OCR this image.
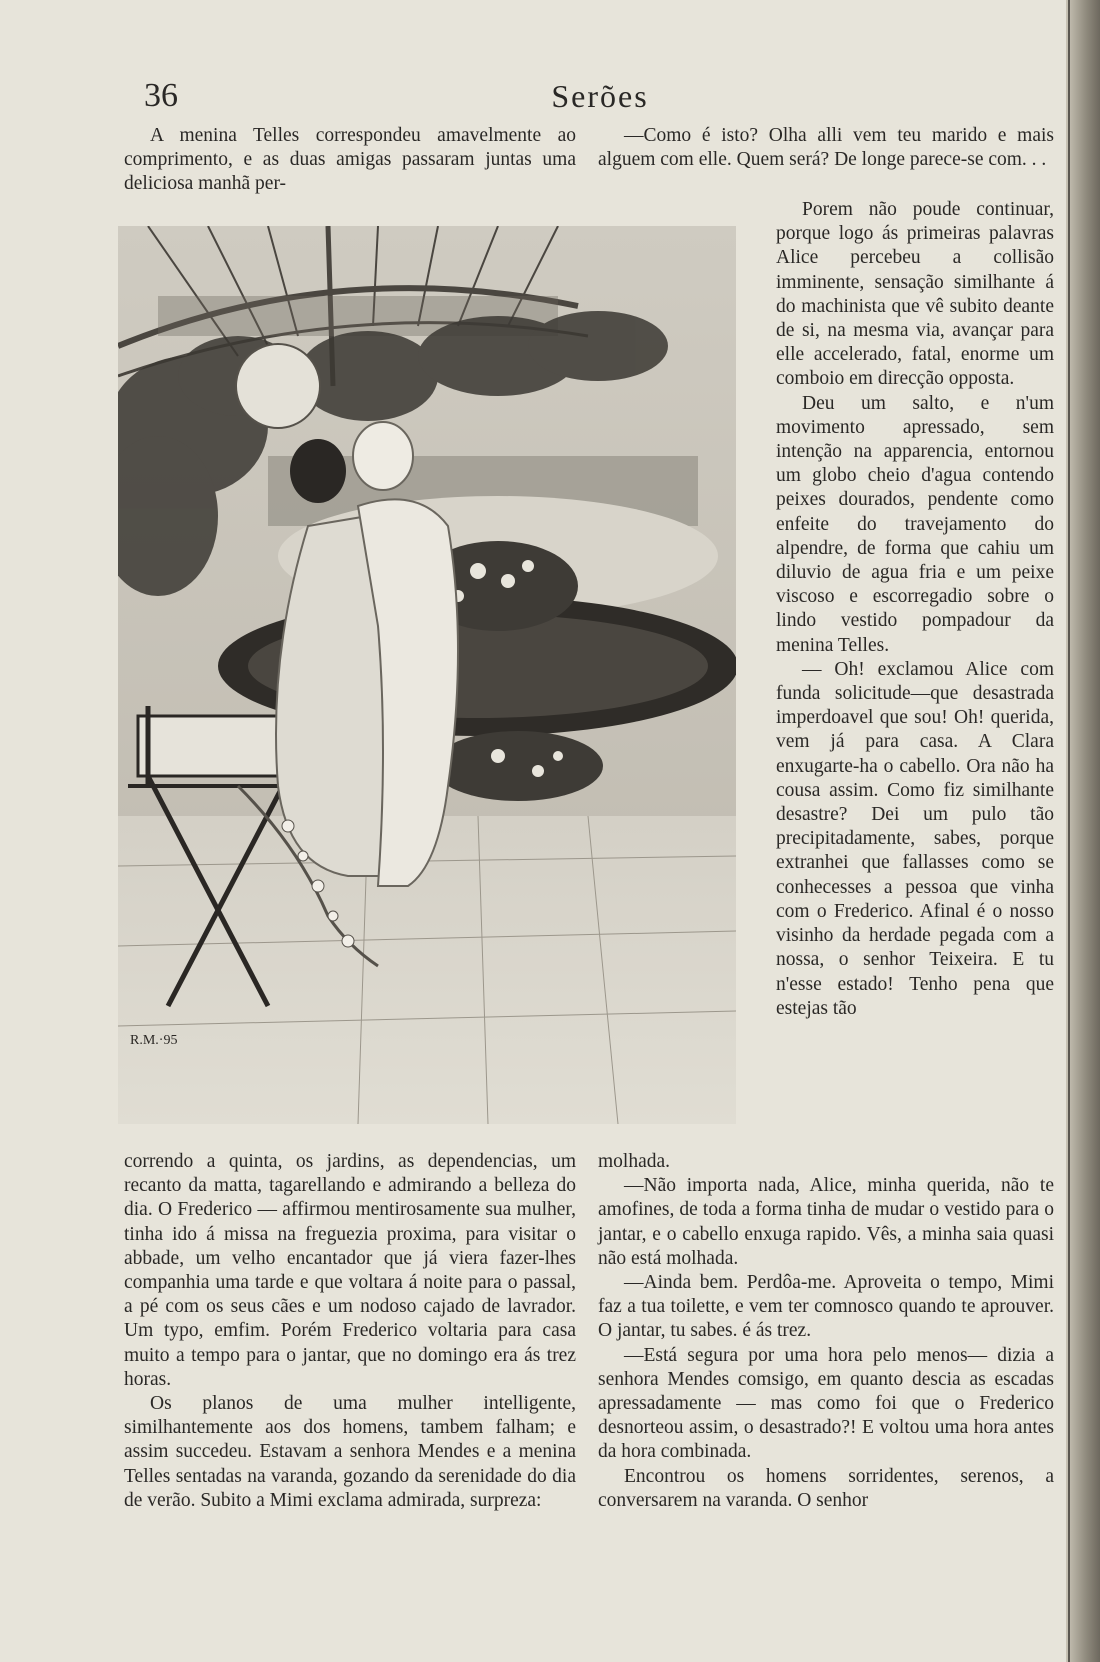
36	Serões

A menina Telles correspondeu amavelmente ao comprimento, e as duas amigas passaram juntas uma deliciosa manhã per-

R.M.·95

correndo a quinta, os jardins, as dependencias, um recanto da matta, tagarellando e admirando a belleza do dia. O Frederico — affirmou mentirosamente sua mulher, tinha ido á missa na freguezia proxima, para visitar o abbade, um velho encantador que já viera fazer-lhes companhia uma tarde e que voltara á noite para o passal, a pé com os seus cães e um nodoso cajado de lavrador. Um typo, emfim. Porém Frederico voltaria para casa muito a tempo para o jantar, que no domingo era ás trez horas.

Os planos de uma mulher intelligente, similhantemente aos dos homens, tambem falham; e assim succedeu. Estavam a senhora Mendes e a menina Telles sentadas na varanda, gozando da serenidade do dia de verão. Subito a Mimi exclama admirada, surpreza:

—Como é isto? Olha alli vem teu marido e mais alguem com elle. Quem será? De longe parece-se com. . .

Porem não poude continuar, porque logo ás primeiras palavras Alice percebeu a collisão imminente, sensação similhante á do machinista que vê subito deante de si, na mesma via, avançar para elle accelerado, fatal, enorme um comboio em direcção opposta.

Deu um salto, e n'um movimento apressado, sem intenção na apparencia, entornou um globo cheio d'agua contendo peixes dourados, pendente como enfeite do travejamento do alpendre, de forma que cahiu um diluvio de agua fria e um peixe viscoso e escorregadio sobre o lindo vestido pompadour da menina Telles.

— Oh! exclamou Alice com funda solicitude—que desastrada imperdoavel que sou! Oh! querida, vem já para casa. A Clara enxugarte-ha o cabello. Ora não ha cousa assim. Como fiz similhante desastre? Dei um pulo tão precipitadamente, sabes, porque extranhei que fallasses como se conhecesses a pessoa que vinha com o Frederico. Afinal é o nosso visinho da herdade pegada com a nossa, o senhor Teixeira. E tu n'esse estado! Tenho pena que estejas tão

molhada.

—Não importa nada, Alice, minha querida, não te amofines, de toda a forma tinha de mudar o vestido para o jantar, e o cabello enxuga rapido. Vês, a minha saia quasi não está molhada.

—Ainda bem. Perdôa-me. Aproveita o tempo, Mimi faz a tua toilette, e vem ter comnosco quando te aprouver. O jantar, tu sabes. é ás trez.

—Está segura por uma hora pelo menos— dizia a senhora Mendes comsigo, em quanto descia as escadas apressadamente — mas como foi que o Frederico desnorteou assim, o desastrado?! E voltou uma hora antes da hora combinada.

Encontrou os homens sorridentes, serenos, a conversarem na varanda. O senhor
